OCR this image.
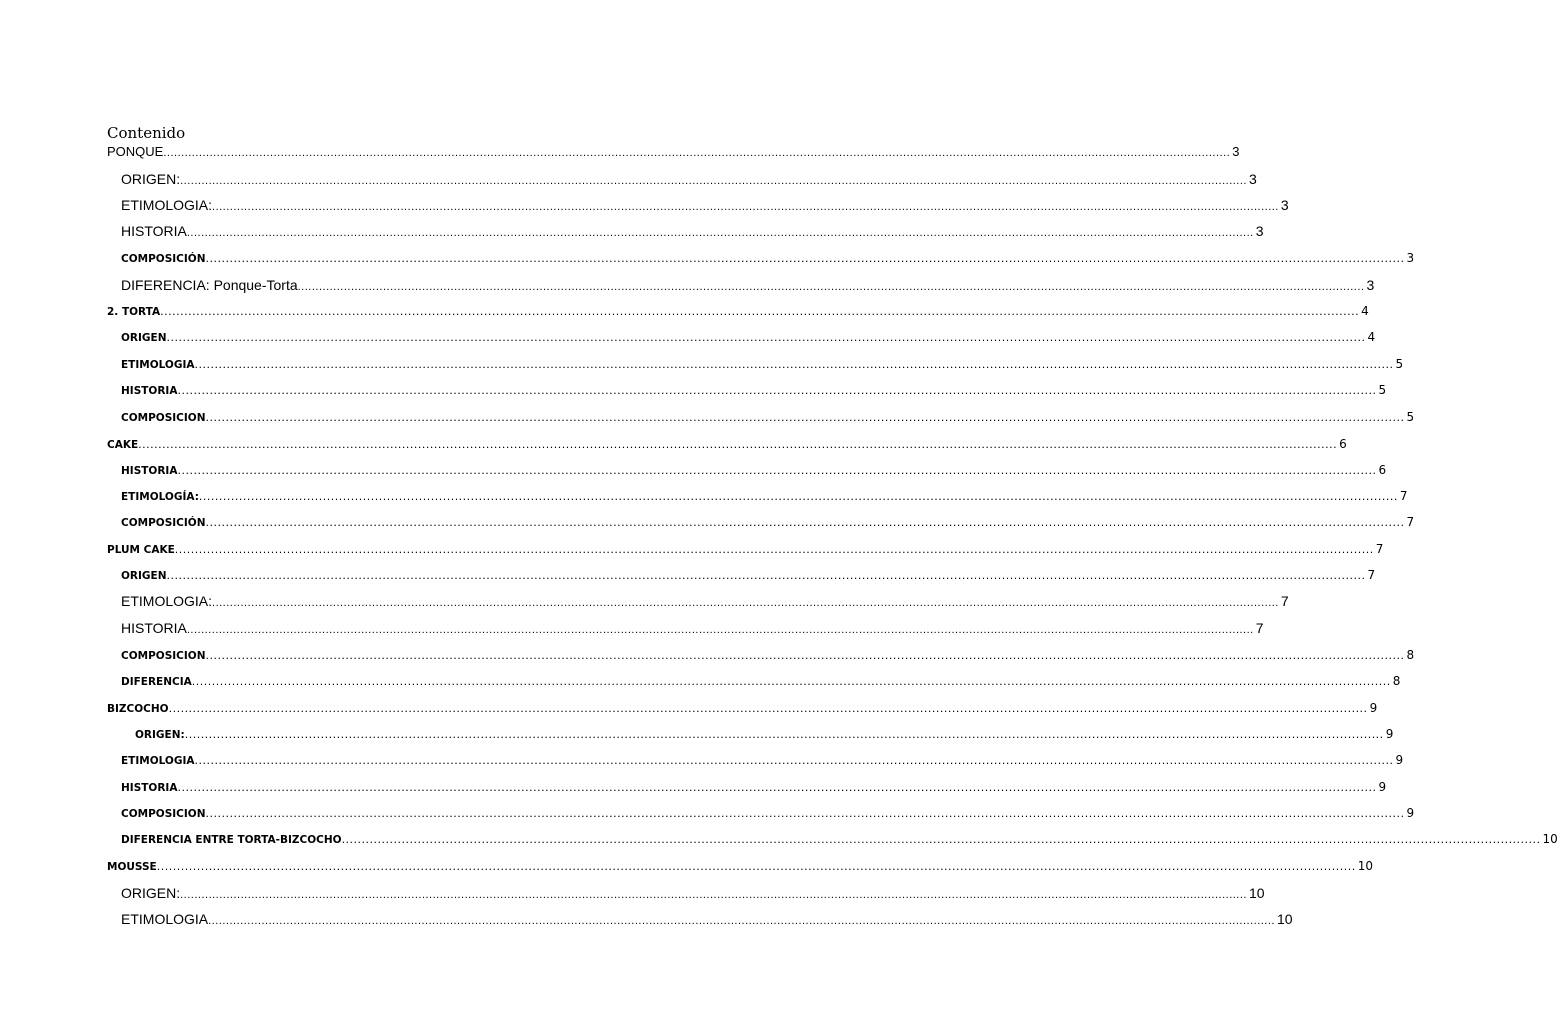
Contenido
PONQUE ............................................................................................................................................................................................................................................................................................................ 3
ORIGEN: ............................................................................................................................................................................................................................................................................................................ 3
ETIMOLOGIA: ............................................................................................................................................................................................................................................................................................................ 3
HISTORIA ............................................................................................................................................................................................................................................................................................................ 3
COMPOSICIÓN ............................................................................................................................................................................................................................................................................................................ 3
DIFERENCIA: Ponque-Torta ............................................................................................................................................................................................................................................................................................................ 3
2. TORTA ............................................................................................................................................................................................................................................................................................................ 4
ORIGEN ............................................................................................................................................................................................................................................................................................................ 4
ETIMOLOGIA ............................................................................................................................................................................................................................................................................................................ 5
HISTORIA ............................................................................................................................................................................................................................................................................................................ 5
COMPOSICION ............................................................................................................................................................................................................................................................................................................ 5
CAKE ............................................................................................................................................................................................................................................................................................................ 6
HISTORIA ............................................................................................................................................................................................................................................................................................................ 6
ETIMOLOGÍA: ............................................................................................................................................................................................................................................................................................................ 7
COMPOSICIÓN ............................................................................................................................................................................................................................................................................................................ 7
PLUM CAKE ............................................................................................................................................................................................................................................................................................................ 7
ORIGEN ............................................................................................................................................................................................................................................................................................................ 7
ETIMOLOGIA: ............................................................................................................................................................................................................................................................................................................ 7
HISTORIA ............................................................................................................................................................................................................................................................................................................ 7
COMPOSICION ............................................................................................................................................................................................................................................................................................................ 8
DIFERENCIA ............................................................................................................................................................................................................................................................................................................ 8
BIZCOCHO ............................................................................................................................................................................................................................................................................................................ 9
ORIGEN: ............................................................................................................................................................................................................................................................................................................ 9
ETIMOLOGIA ............................................................................................................................................................................................................................................................................................................ 9
HISTORIA ............................................................................................................................................................................................................................................................................................................ 9
COMPOSICION ............................................................................................................................................................................................................................................................................................................ 9
DIFERENCIA ENTRE TORTA-BIZCOCHO ............................................................................................................................................................................................................................................................................................................ 10
MOUSSE ............................................................................................................................................................................................................................................................................................................ 10
ORIGEN: ............................................................................................................................................................................................................................................................................................................ 10
ETIMOLOGIA ............................................................................................................................................................................................................................................................................................................ 10
